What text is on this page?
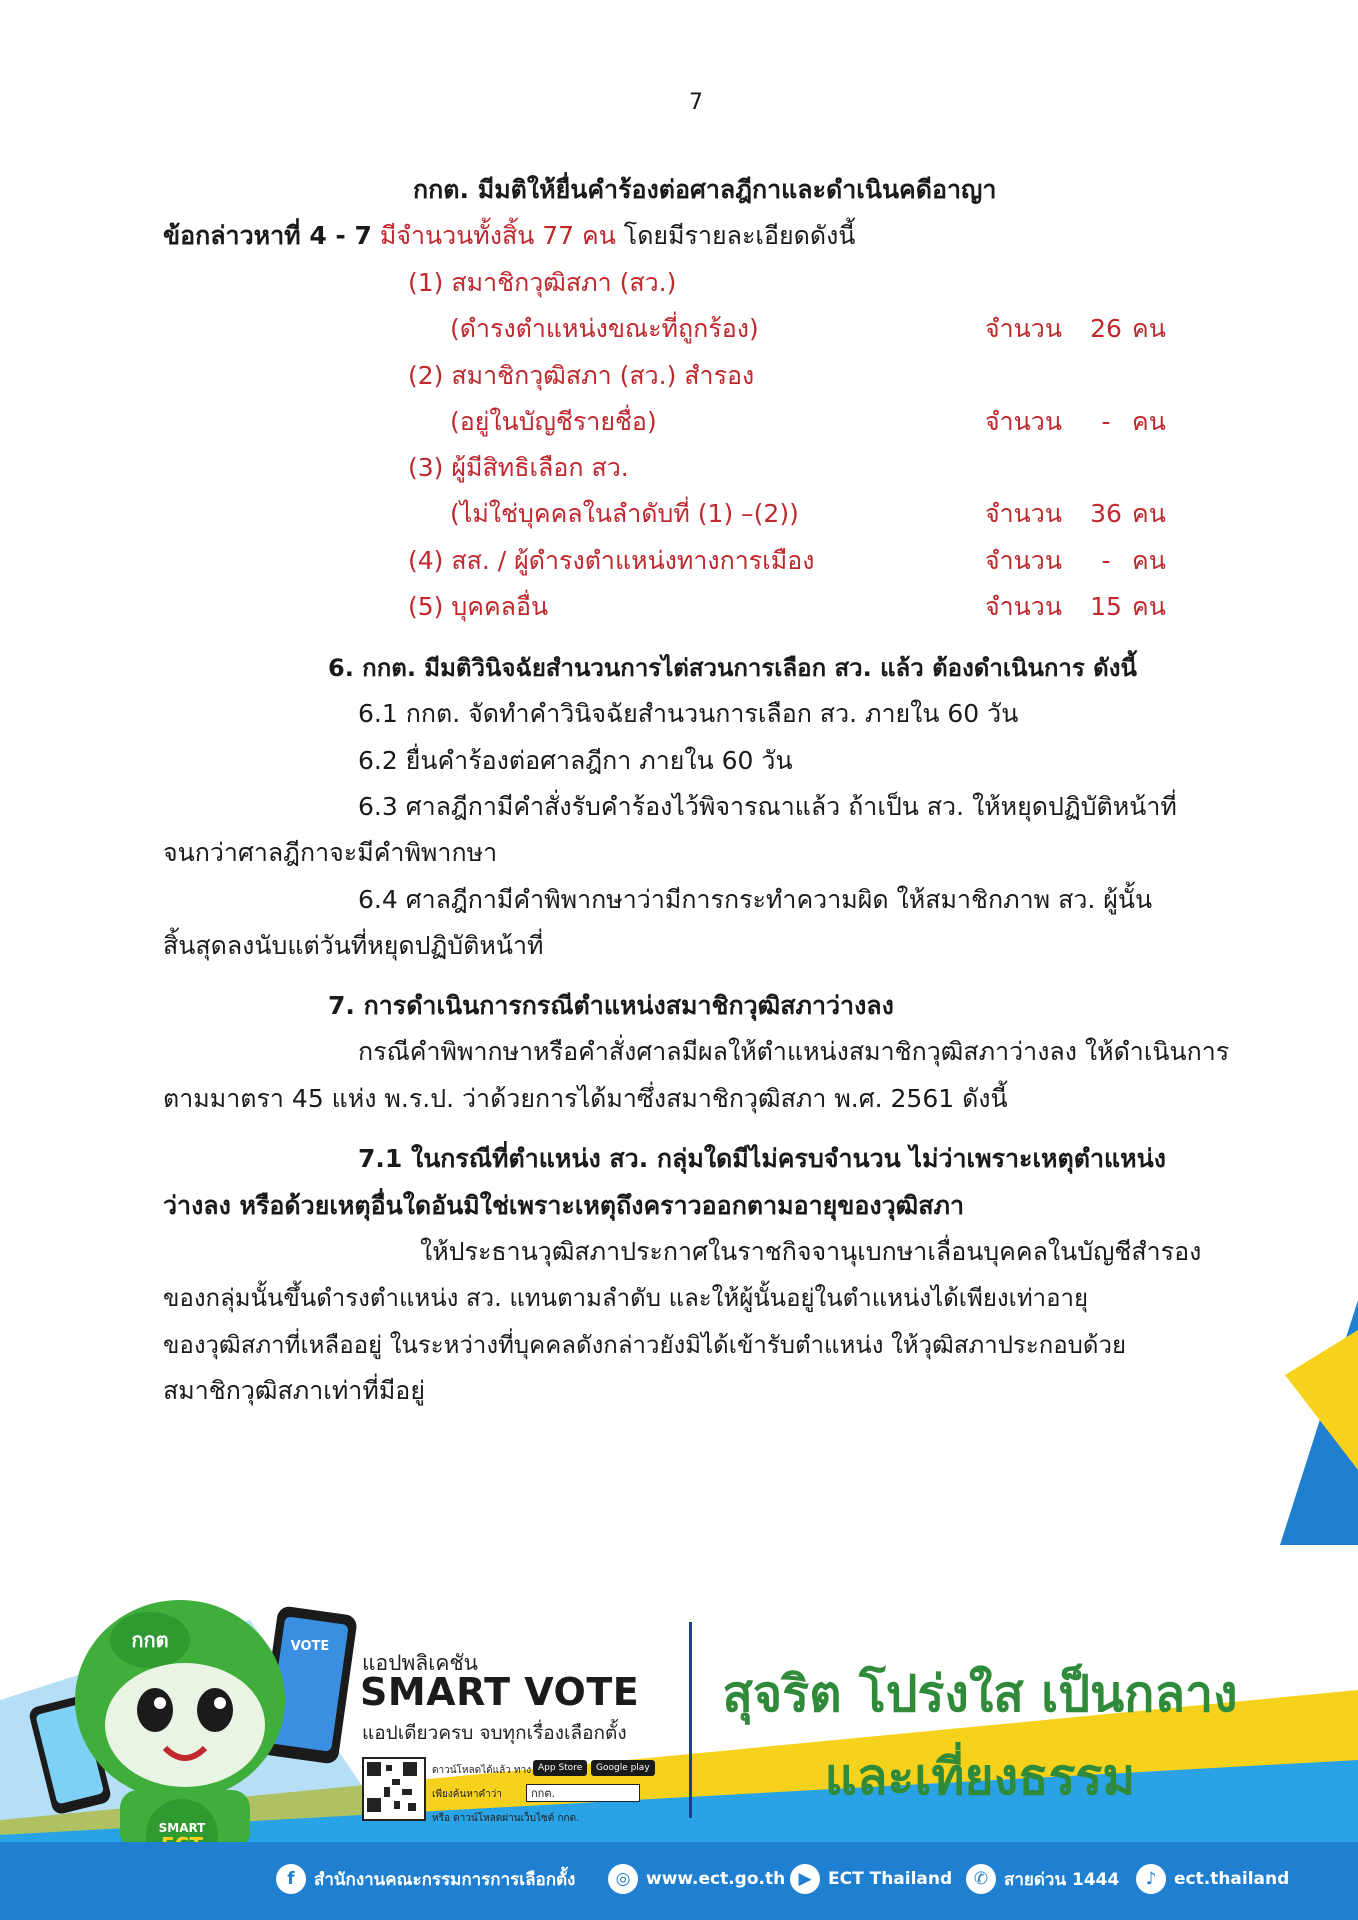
7
กกต. มีมติให้ยื่นคำร้องต่อศาลฎีกาและดำเนินคดีอาญา
ข้อกล่าวหาที่ 4 - 7 มีจำนวนทั้งสิ้น 77 คน โดยมีรายละเอียดดังนี้
(1) สมาชิกวุฒิสภา (สว.)
(ดำรงตำแหน่งขณะที่ถูกร้อง)	จำนวน 26 คน
(2) สมาชิกวุฒิสภา (สว.) สำรอง
(อยู่ในบัญชีรายชื่อ)	จำนวน - คน
(3) ผู้มีสิทธิเลือก สว.
(ไม่ใช่บุคคลในลำดับที่ (1) –(2))	จำนวน 36 คน
(4) สส. / ผู้ดำรงตำแหน่งทางการเมือง	จำนวน - คน
(5) บุคคลอื่น	จำนวน 15 คน
6. กกต. มีมติวินิจฉัยสำนวนการไต่สวนการเลือก สว. แล้ว ต้องดำเนินการ ดังนี้
6.1 กกต. จัดทำคำวินิจฉัยสำนวนการเลือก สว. ภายใน 60 วัน
6.2 ยื่นคำร้องต่อศาลฎีกา ภายใน 60 วัน
6.3 ศาลฎีกามีคำสั่งรับคำร้องไว้พิจารณาแล้ว ถ้าเป็น สว. ให้หยุดปฏิบัติหน้าที่
จนกว่าศาลฎีกาจะมีคำพิพากษา
6.4 ศาลฎีกามีคำพิพากษาว่ามีการกระทำความผิด ให้สมาชิกภาพ สว. ผู้นั้น
สิ้นสุดลงนับแต่วันที่หยุดปฏิบัติหน้าที่
7. การดำเนินการกรณีตำแหน่งสมาชิกวุฒิสภาว่างลง
กรณีคำพิพากษาหรือคำสั่งศาลมีผลให้ตำแหน่งสมาชิกวุฒิสภาว่างลง ให้ดำเนินการ
ตามมาตรา 45 แห่ง พ.ร.ป. ว่าด้วยการได้มาซึ่งสมาชิกวุฒิสภา พ.ศ. 2561 ดังนี้
7.1 ในกรณีที่ตำแหน่ง สว. กลุ่มใดมีไม่ครบจำนวน ไม่ว่าเพราะเหตุตำแหน่ง
ว่างลง หรือด้วยเหตุอื่นใดอันมิใช่เพราะเหตุถึงคราวออกตามอายุของวุฒิสภา
ให้ประธานวุฒิสภาประกาศในราชกิจจานุเบกษาเลื่อนบุคคลในบัญชีสำรอง
ของกลุ่มนั้นขึ้นดำรงตำแหน่ง สว. แทนตามลำดับ และให้ผู้นั้นอยู่ในตำแหน่งได้เพียงเท่าอายุ
ของวุฒิสภาที่เหลืออยู่ ในระหว่างที่บุคคลดังกล่าวยังมิได้เข้ารับตำแหน่ง ให้วุฒิสภาประกอบด้วย
สมาชิกวุฒิสภาเท่าที่มีอยู่
กกต
SMART
VOTE
แอปพลิเคชัน
SMART VOTE
แอปเดียวครบ จบทุกเรื่องเลือกตั้ง
ดาวน์โหลดได้แล้ว ทาง App Store	Google play
เพียงค้นหาคำว่า	กกต.
หรือ ดาวน์โหลดผ่านเว็บไซต์ กกต.
สุจริต โปร่งใส เป็นกลาง
และเที่ยงธรรม
f	สำนักงานคณะกรรมการการเลือกตั้ง	◎ www.ect.go.th ▶ ECT Thailand	✆ สายด่วน 1444	♪	ect.thailand
